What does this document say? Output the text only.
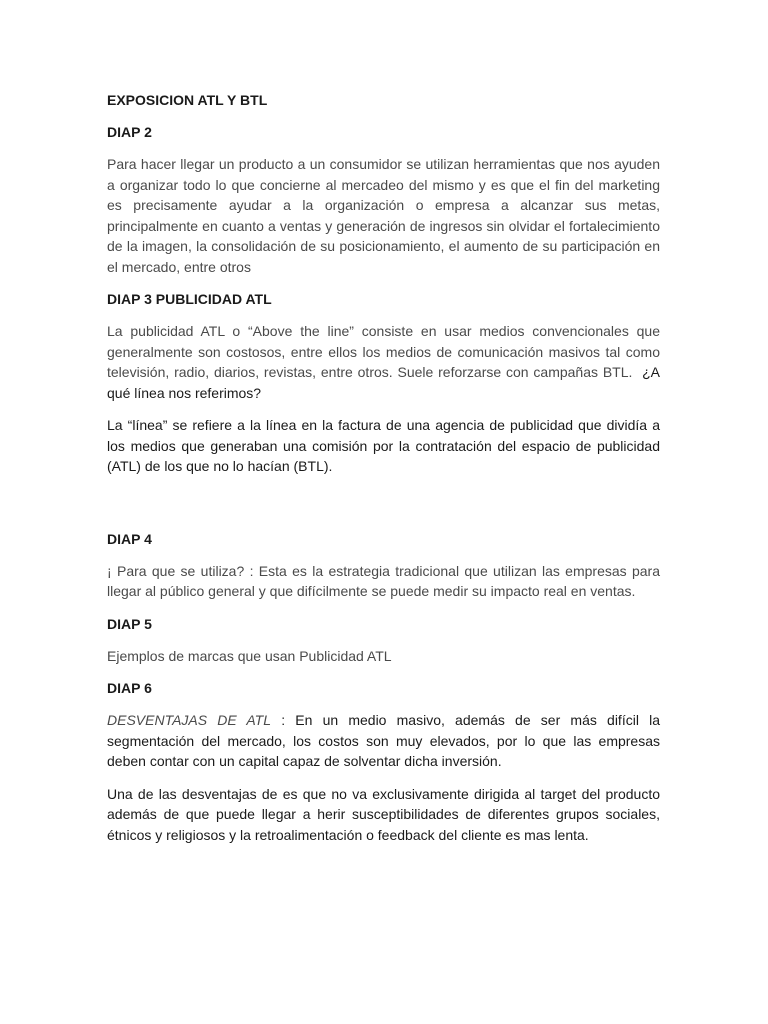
EXPOSICION ATL Y BTL
DIAP 2

Para hacer llegar un producto a un consumidor se utilizan herramientas que nos ayuden a organizar todo lo que concierne al mercadeo del mismo y es que el fin del marketing es precisamente ayudar a la organización o empresa a alcanzar sus metas, principalmente en cuanto a ventas y generación de ingresos sin olvidar el fortalecimiento de la imagen, la consolidación de su posicionamiento, el aumento de su participación en el mercado, entre otros

DIAP 3 PUBLICIDAD ATL

La publicidad ATL o “Above the line” consiste en usar medios convencionales que generalmente son costosos, entre ellos los medios de comunicación masivos tal como televisión, radio, diarios, revistas, entre otros. Suele reforzarse con campañas BTL. ¿A qué línea nos referimos?

La “línea” se refiere a la línea en la factura de una agencia de publicidad que dividía a los medios que generaban una comisión por la contratación del espacio de publicidad (ATL) de los que no lo hacían (BTL).

DIAP 4

¡ Para que se utiliza? : Esta es la estrategia tradicional que utilizan las empresas para llegar al público general y que difícilmente se puede medir su impacto real en ventas.

DIAP 5

Ejemplos de marcas que usan Publicidad ATL

DIAP 6

DESVENTAJAS DE ATL : En un medio masivo, además de ser más difícil la segmentación del mercado, los costos son muy elevados, por lo que las empresas deben contar con un capital capaz de solventar dicha inversión.

Una de las desventajas de es que no va exclusivamente dirigida al target del producto además de que puede llegar a herir susceptibilidades de diferentes grupos sociales, étnicos y religiosos y la retroalimentación o feedback del cliente es mas lenta.
